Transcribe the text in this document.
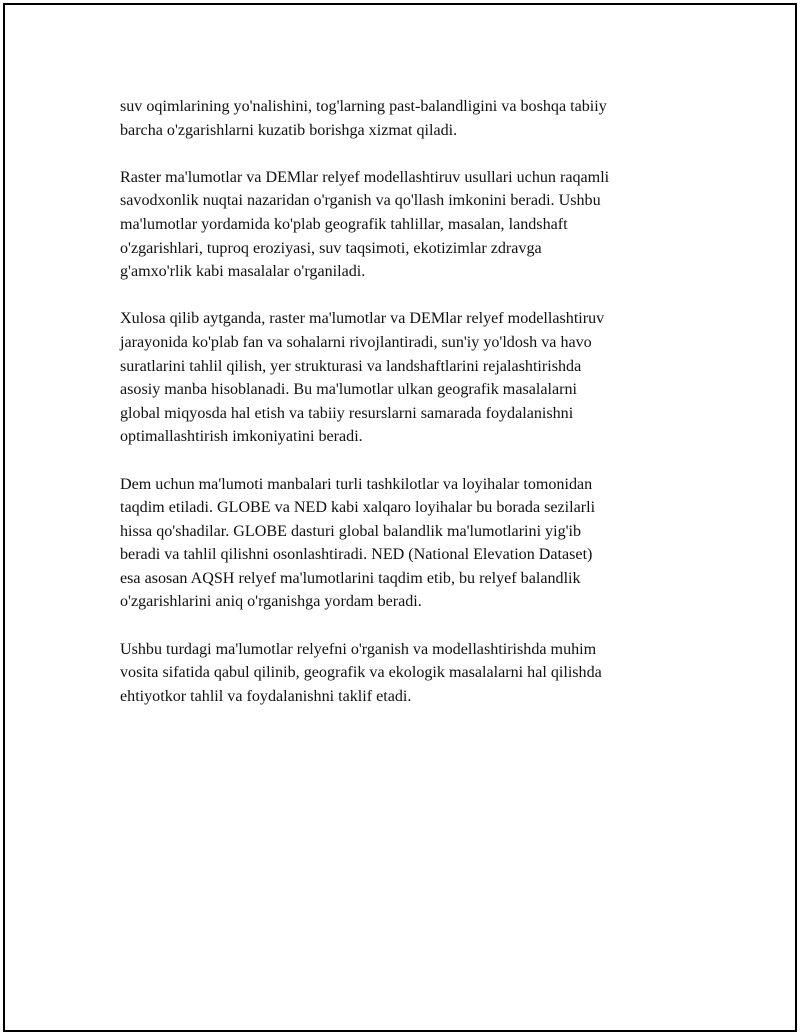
suv oqimlarining yo'nalishini, tog'larning past-balandligini va boshqa tabiiy
barcha o'zgarishlarni kuzatib borishga xizmat qiladi.

Raster ma'lumotlar va DEMlar relyef modellashtiruv usullari uchun raqamli
savodxonlik nuqtai nazaridan o'rganish va qo'llash imkonini beradi. Ushbu
ma'lumotlar yordamida ko'plab geografik tahlillar, masalan, landshaft
o'zgarishlari, tuproq eroziyasi, suv taqsimoti, ekotizimlar zdravga
g'amxo'rlik kabi masalalar o'rganiladi.

Xulosa qilib aytganda, raster ma'lumotlar va DEMlar relyef modellashtiruv
jarayonida ko'plab fan va sohalarni rivojlantiradi, sun'iy yo'ldosh va havo
suratlarini tahlil qilish, yer strukturasi va landshaftlarini rejalashtirishda
asosiy manba hisoblanadi. Bu ma'lumotlar ulkan geografik masalalarni
global miqyosda hal etish va tabiiy resurslarni samarada foydalanishni
optimallashtirish imkoniyatini beradi.

Dem uchun ma'lumoti manbalari turli tashkilotlar va loyihalar tomonidan
taqdim etiladi. GLOBE va NED kabi xalqaro loyihalar bu borada sezilarli
hissa qo'shadilar. GLOBE dasturi global balandlik ma'lumotlarini yig'ib
beradi va tahlil qilishni osonlashtiradi. NED (National Elevation Dataset)
esa asosan AQSH relyef ma'lumotlarini taqdim etib, bu relyef balandlik
o'zgarishlarini aniq o'rganishga yordam beradi.

Ushbu turdagi ma'lumotlar relyefni o'rganish va modellashtirishda muhim
vosita sifatida qabul qilinib, geografik va ekologik masalalarni hal qilishda
ehtiyotkor tahlil va foydalanishni taklif etadi.
